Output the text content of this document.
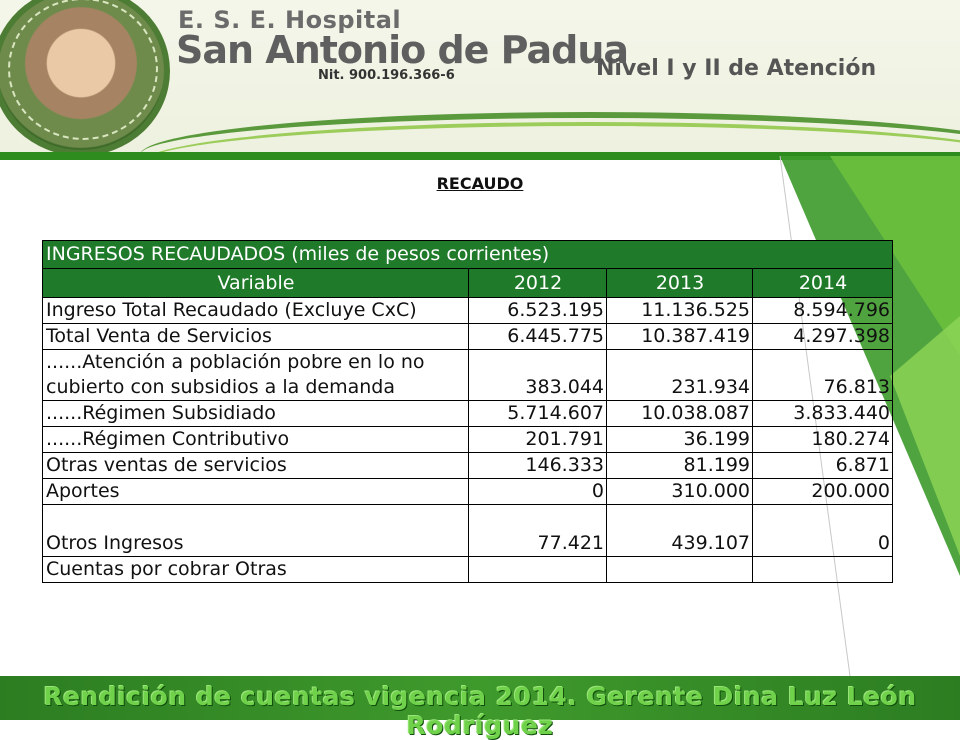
E. S. E. Hospital
San Antonio de Padua
Nit. 900.196.366-6	Nivel I y II de Atención
RECAUDO
INGRESOS RECAUDADOS (miles de pesos corrientes)			
Variable	2012	2013	2014
Ingreso Total Recaudado (Excluye CxC)	6.523.195	11.136.525	8.594.796
Total Venta de Servicios	6.445.775	10.387.419	4.297.398
......Atención a población pobre en lo no cubierto con subsidios a la demanda	383.044	231.934	76.813
......Régimen Subsidiado	5.714.607	10.038.087	3.833.440
......Régimen Contributivo	201.791	36.199	180.274
Otras ventas de servicios	146.333	81.199	6.871
Aportes	0	310.000	200.000
Otros Ingresos	77.421	439.107	0
Cuentas por cobrar Otras			
Rendición de cuentas vigencia 2014. Gerente Dina Luz León Rodríguez
